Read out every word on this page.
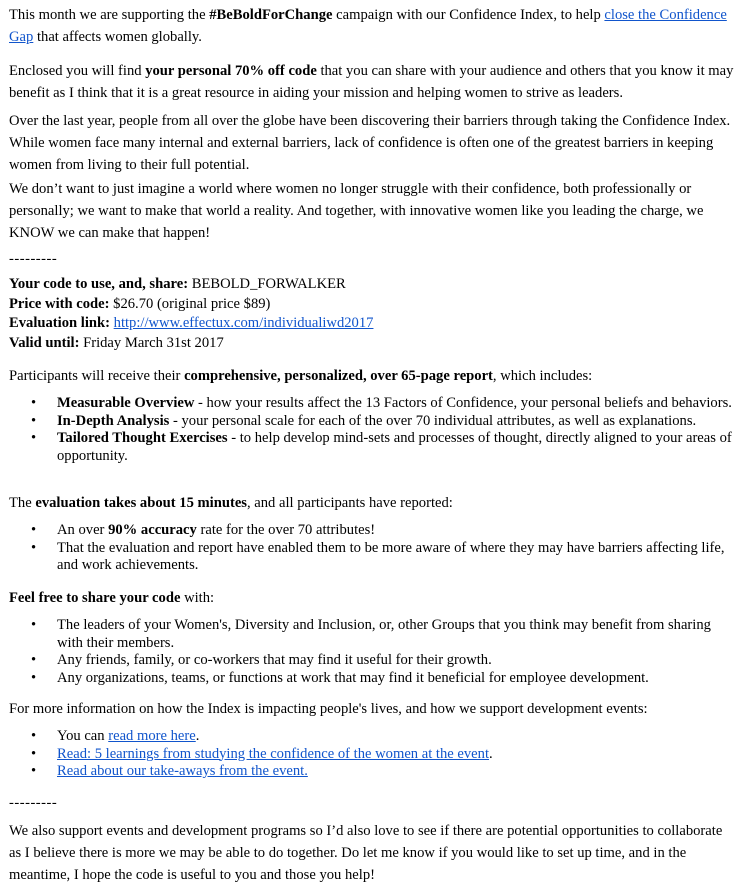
This month we are supporting the #BeBoldForChange campaign with our Confidence Index, to help close the Confidence Gap that affects women globally.

Enclosed you will find your personal 70% off code that you can share with your audience and others that you know it may benefit as I think that it is a great resource in aiding your mission and helping women to strive as leaders.

Over the last year, people from all over the globe have been discovering their barriers through taking the Confidence Index. While women face many internal and external barriers, lack of confidence is often one of the greatest barriers in keeping women from living to their full potential.

We don’t want to just imagine a world where women no longer struggle with their confidence, both professionally or personally; we want to make that world a reality. And together, with innovative women like you leading the charge, we KNOW we can make that happen!

---------

Your code to use, and, share: BEBOLD_FORWALKER

Price with code: $26.70 (original price $89)

Evaluation link: http://www.effectux.com/individualiwd2017

Valid until: Friday March 31st 2017

Participants will receive their comprehensive, personalized, over 65-page report, which includes:

• Measurable Overview - how your results affect the 13 Factors of Confidence, your personal beliefs and behaviors.
• In-Depth Analysis - your personal scale for each of the over 70 individual attributes, as well as explanations.
• Tailored Thought Exercises - to help develop mind-sets and processes of thought, directly aligned to your areas of opportunity.

The evaluation takes about 15 minutes, and all participants have reported:

• An over 90% accuracy rate for the over 70 attributes!
• That the evaluation and report have enabled them to be more aware of where they may have barriers affecting life, and work achievements.

Feel free to share your code with:

• The leaders of your Women's, Diversity and Inclusion, or, other Groups that you think may benefit from sharing with their members.
• Any friends, family, or co-workers that may find it useful for their growth.
• Any organizations, teams, or functions at work that may find it beneficial for employee development.

For more information on how the Index is impacting people's lives, and how we support development events:

• You can read more here.
• Read: 5 learnings from studying the confidence of the women at the event.
• Read about our take-aways from the event.

---------

We also support events and development programs so I’d also love to see if there are potential opportunities to collaborate as I believe there is more we may be able to do together. Do let me know if you would like to set up time, and in the meantime, I hope the code is useful to you and those you help!
